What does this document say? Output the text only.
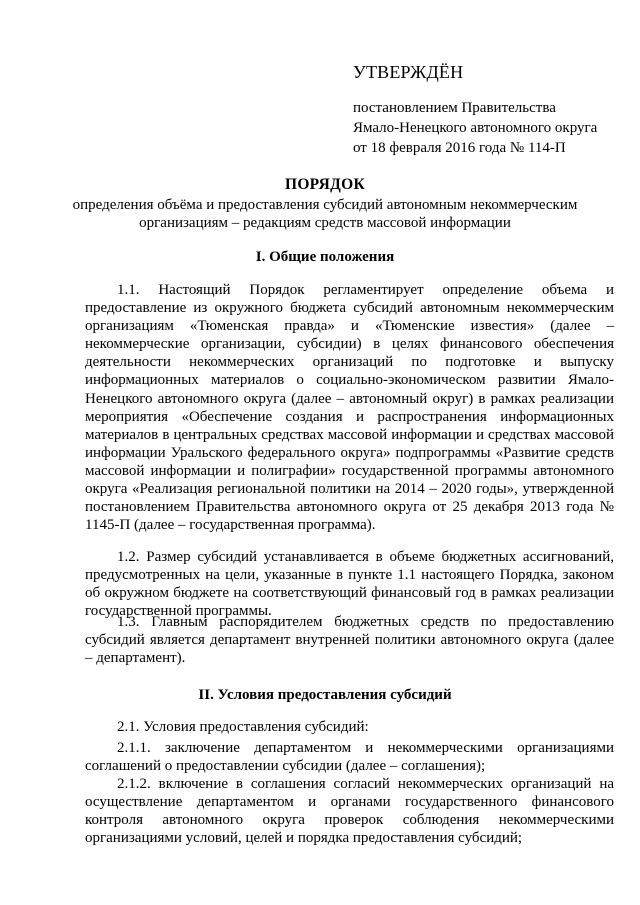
УТВЕРЖДЁН
постановлением Правительства
Ямало-Ненецкого автономного округа
от 18 февраля 2016 года № 114-П
ПОРЯДОК
определения объёма и предоставления субсидий автономным некоммерческим организациям – редакциям средств массовой информации
I. Общие положения

1.1. Настоящий Порядок регламентирует определение объема и предоставление из окружного бюджета субсидий автономным некоммерческим организациям «Тюменская правда» и «Тюменские известия» (далее – некоммерческие организации, субсидии) в целях финансового обеспечения деятельности некоммерческих организаций по подготовке и выпуску информационных материалов о социально-экономическом развитии Ямало-Ненецкого автономного округа (далее – автономный округ) в рамках реализации мероприятия «Обеспечение создания и распространения информационных материалов в центральных средствах массовой информации и средствах массовой информации Уральского федерального округа» подпрограммы «Развитие средств массовой информации и полиграфии» государственной программы автономного округа «Реализация региональной политики на 2014 – 2020 годы», утвержденной постановлением Правительства автономного округа от 25 декабря 2013 года № 1145-П (далее – государственная программа).

1.2. Размер субсидий устанавливается в объеме бюджетных ассигнований, предусмотренных на цели, указанные в пункте 1.1 настоящего Порядка, законом об окружном бюджете на соответствующий финансовый год в рамках реализации государственной программы.

1.3. Главным распорядителем бюджетных средств по предоставлению субсидий является департамент внутренней политики автономного округа (далее – департамент).

II. Условия предоставления субсидий

2.1. Условия предоставления субсидий:

2.1.1. заключение департаментом и некоммерческими организациями соглашений о предоставлении субсидии (далее – соглашения);

2.1.2. включение в соглашения согласий некоммерческих организаций на осуществление департаментом и органами государственного финансового контроля автономного округа проверок соблюдения некоммерческими организациями условий, целей и порядка предоставления субсидий;
